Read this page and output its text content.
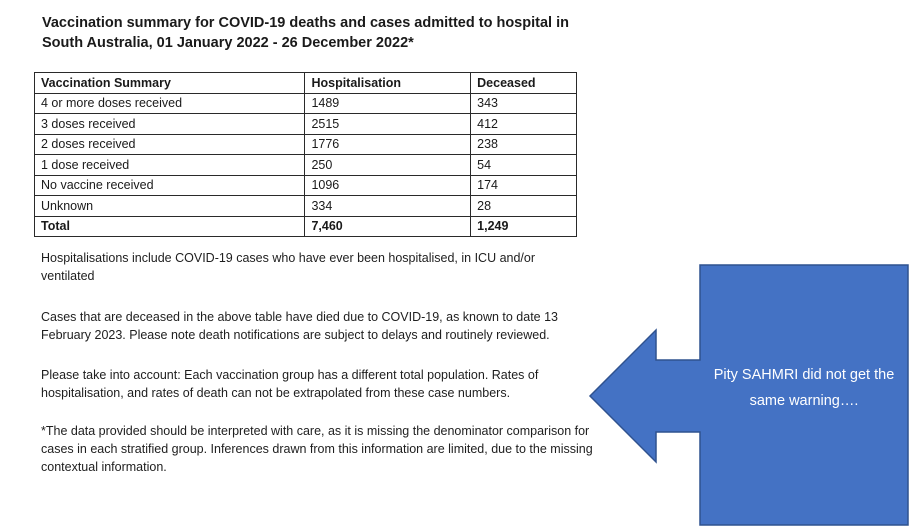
Vaccination summary for COVID-19 deaths and cases admitted to hospital in South Australia, 01 January 2022 - 26 December 2022*
Vaccination Summary	Hospitalisation	Deceased
4 or more doses received	1489	343
3 doses received	2515	412
2 doses received	1776	238
1 dose received	250	54
No vaccine received	1096	174
Unknown	334	28
Total	7,460	1,249

Hospitalisations include COVID-19 cases who have ever been hospitalised, in ICU and/or ventilated

Cases that are deceased in the above table have died due to COVID-19, as known to date 13 February 2023. Please note death notifications are subject to delays and routinely reviewed.

Please take into account: Each vaccination group has a different total population. Rates of hospitalisation, and rates of death can not be extrapolated from these case numbers.

*The data provided should be interpreted with care, as it is missing the denominator comparison for cases in each stratified group. Inferences drawn from this information are limited, due to the missing contextual information.

Pity SAHMRI did not get the same warning….
